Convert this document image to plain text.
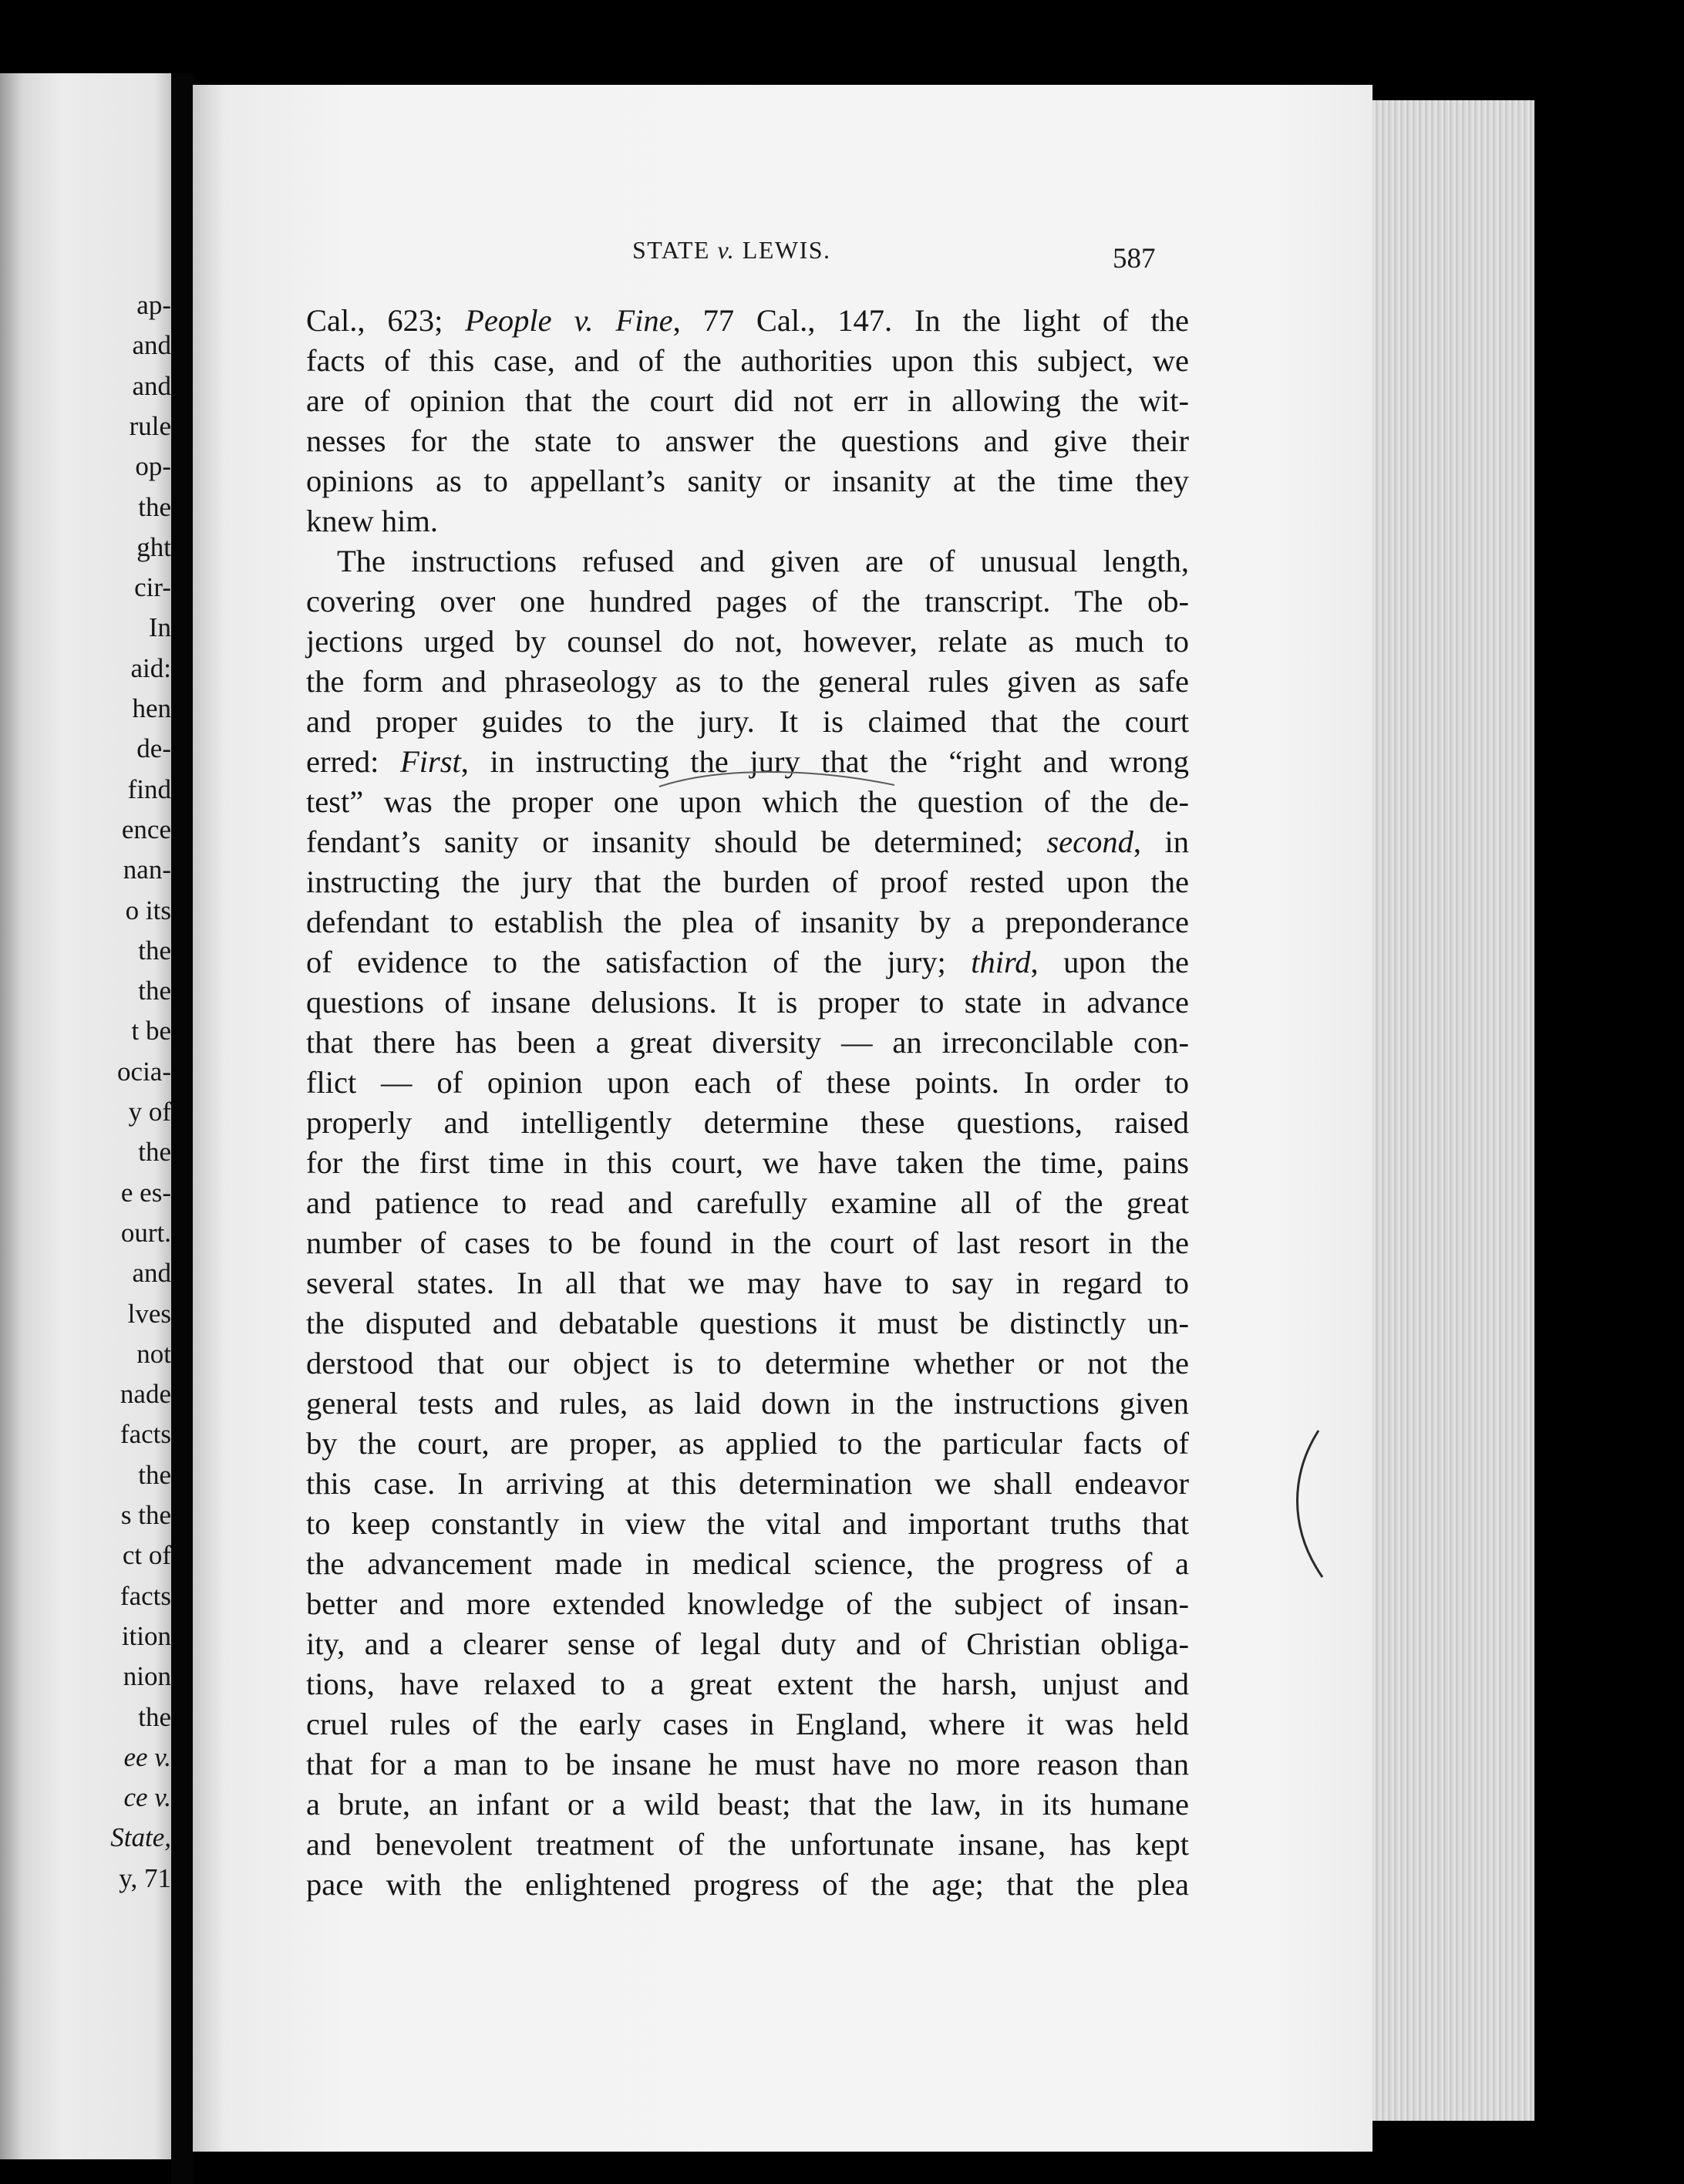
ap-
and
and
rule
op-
the
ght
cir-
In
aid:
hen
de-
find
ence
nan-
o its
the
the
t be
ocia-
y of
the
e es-
ourt.
and
lves
not
nade
facts
the
s the
ct of
facts
ition
nion
the
ee v.
ce v.
State,
y, 71
STATE v. LEWIS.	587
Cal., 623; People v. Fine, 77 Cal., 147. In the light of the
facts of this case, and of the authorities upon this subject, we
are of opinion that the court did not err in allowing the wit-
nesses for the state to answer the questions and give their
opinions as to appellant’s sanity or insanity at the time they
knew him.
The instructions refused and given are of unusual length,
covering over one hundred pages of the transcript. The ob-
jections urged by counsel do not, however, relate as much to
the form and phraseology as to the general rules given as safe
and proper guides to the jury. It is claimed that the court
erred: First, in instructing the jury that the “right and wrong
test” was the proper one upon which the question of the de-
fendant’s sanity or insanity should be determined; second, in
instructing the jury that the burden of proof rested upon the
defendant to establish the plea of insanity by a preponderance
of evidence to the satisfaction of the jury; third, upon the
questions of insane delusions. It is proper to state in advance
that there has been a great diversity — an irreconcilable con-
flict — of opinion upon each of these points. In order to
properly and intelligently determine these questions, raised
for the first time in this court, we have taken the time, pains
and patience to read and carefully examine all of the great
number of cases to be found in the court of last resort in the
several states. In all that we may have to say in regard to
the disputed and debatable questions it must be distinctly un-
derstood that our object is to determine whether or not the
general tests and rules, as laid down in the instructions given
by the court, are proper, as applied to the particular facts of
this case. In arriving at this determination we shall endeavor
to keep constantly in view the vital and important truths that
the advancement made in medical science, the progress of a
better and more extended knowledge of the subject of insan-
ity, and a clearer sense of legal duty and of Christian obliga-
tions, have relaxed to a great extent the harsh, unjust and
cruel rules of the early cases in England, where it was held
that for a man to be insane he must have no more reason than
a brute, an infant or a wild beast; that the law, in its humane
and benevolent treatment of the unfortunate insane, has kept
pace with the enlightened progress of the age; that the plea
